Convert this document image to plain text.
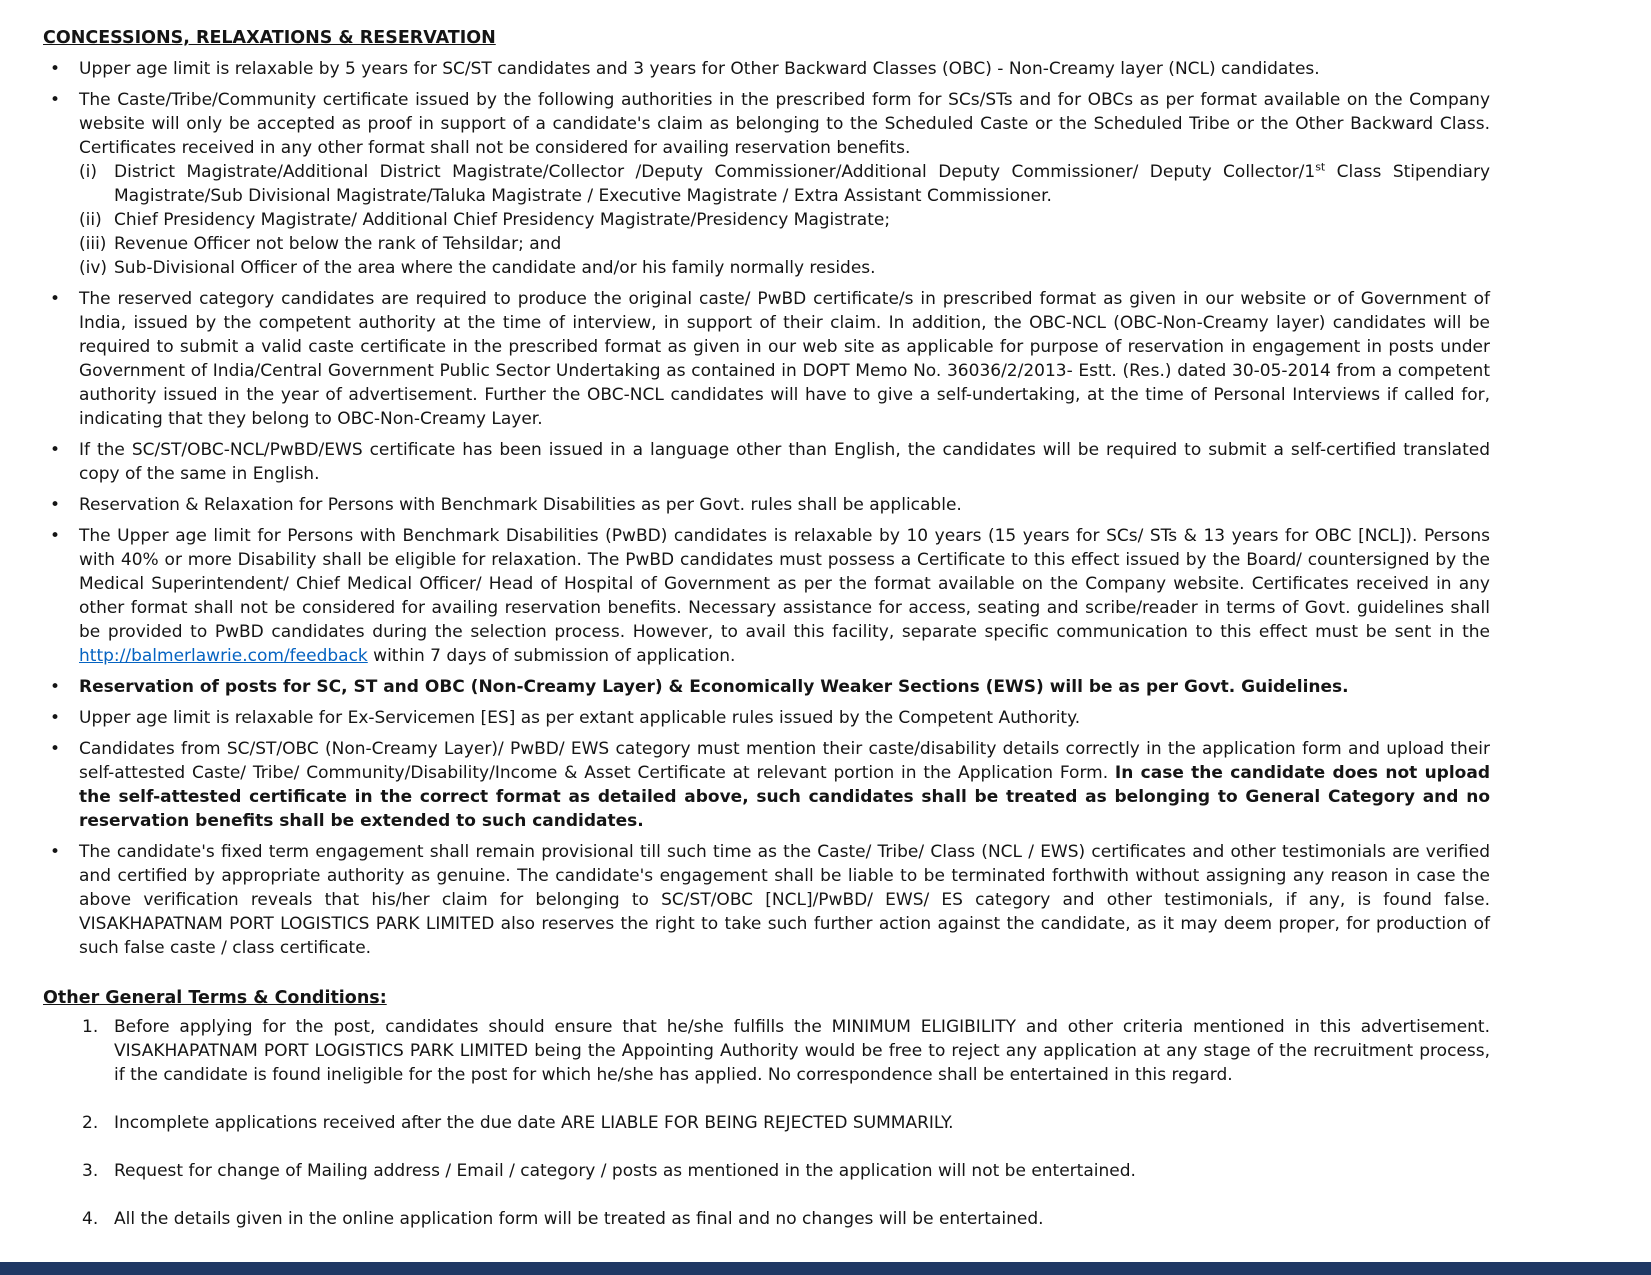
CONCESSIONS, RELAXATIONS & RESERVATION
•	Upper age limit is relaxable by 5 years for SC/ST candidates and 3 years for Other Backward Classes (OBC) - Non-Creamy layer (NCL) candidates.
•	The Caste/Tribe/Community certificate issued by the following authorities in the prescribed form for SCs/STs and for OBCs as per format available on the Company website will only be accepted as proof in support of a candidate's claim as belonging to the Scheduled Caste or the Scheduled Tribe or the Other Backward Class. Certificates received in any other format shall not be considered for availing reservation benefits.
(i)	District Magistrate/Additional District Magistrate/Collector /Deputy Commissioner/Additional Deputy Commissioner/ Deputy Collector/1st Class Stipendiary Magistrate/Sub Divisional Magistrate/Taluka Magistrate / Executive Magistrate / Extra Assistant Commissioner.
(ii) Chief Presidency Magistrate/ Additional Chief Presidency Magistrate/Presidency Magistrate;
(iii) Revenue Officer not below the rank of Tehsildar; and
(iv) Sub-Divisional Officer of the area where the candidate and/or his family normally resides.
•	The reserved category candidates are required to produce the original caste/ PwBD certificate/s in prescribed format as given in our website or of Government of India, issued by the competent authority at the time of interview, in support of their claim. In addition, the OBC-NCL (OBC-Non-Creamy layer) candidates will be required to submit a valid caste certificate in the prescribed format as given in our web site as applicable for purpose of reservation in engagement in posts under Government of India/Central Government Public Sector Undertaking as contained in DOPT Memo No. 36036/2/2013- Estt. (Res.) dated 30-05-2014 from a competent authority issued in the year of advertisement. Further the OBC-NCL candidates will have to give a self-undertaking, at the time of Personal Interviews if called for, indicating that they belong to OBC-Non-Creamy Layer.
•	If the SC/ST/OBC-NCL/PwBD/EWS certificate has been issued in a language other than English, the candidates will be required to submit a self-certified translated copy of the same in English.
•	Reservation & Relaxation for Persons with Benchmark Disabilities as per Govt. rules shall be applicable.
•	The Upper age limit for Persons with Benchmark Disabilities (PwBD) candidates is relaxable by 10 years (15 years for SCs/ STs & 13 years for OBC [NCL]). Persons with 40% or more Disability shall be eligible for relaxation. The PwBD candidates must possess a Certificate to this effect issued by the Board/ countersigned by the Medical Superintendent/ Chief Medical Officer/ Head of Hospital of Government as per the format available on the Company website. Certificates received in any other format shall not be considered for availing reservation benefits. Necessary assistance for access, seating and scribe/reader in terms of Govt. guidelines shall be provided to PwBD candidates during the selection process. However, to avail this facility, separate specific communication to this effect must be sent in the http://balmerlawrie.com/feedback within 7 days of submission of application.
•	Reservation of posts for SC, ST and OBC (Non-Creamy Layer) & Economically Weaker Sections (EWS) will be as per Govt. Guidelines.
•	Upper age limit is relaxable for Ex-Servicemen [ES] as per extant applicable rules issued by the Competent Authority.
•	Candidates from SC/ST/OBC (Non-Creamy Layer)/ PwBD/ EWS category must mention their caste/disability details correctly in the application form and upload their self-attested Caste/ Tribe/ Community/Disability/Income & Asset Certificate at relevant portion in the Application Form. In case the candidate does not upload the self-attested certificate in the correct format as detailed above, such candidates shall be treated as belonging to General Category and no reservation benefits shall be extended to such candidates.
•	The candidate's fixed term engagement shall remain provisional till such time as the Caste/ Tribe/ Class (NCL / EWS) certificates and other testimonials are verified and certified by appropriate authority as genuine. The candidate's engagement shall be liable to be terminated forthwith without assigning any reason in case the above verification reveals that his/her claim for belonging to SC/ST/OBC [NCL]/PwBD/ EWS/ ES category and other testimonials, if any, is found false. VISAKHAPATNAM PORT LOGISTICS PARK LIMITED also reserves the right to take such further action against the candidate, as it may deem proper, for production of such false caste / class certificate.
Other General Terms & Conditions:
1. Before applying for the post, candidates should ensure that he/she fulfills the MINIMUM ELIGIBILITY and other criteria mentioned in this advertisement. VISAKHAPATNAM PORT LOGISTICS PARK LIMITED being the Appointing Authority would be free to reject any application at any stage of the recruitment process, if the candidate is found ineligible for the post for which he/she has applied. No correspondence shall be entertained in this regard.
2. Incomplete applications received after the due date ARE LIABLE FOR BEING REJECTED SUMMARILY.
3. Request for change of Mailing address / Email / category / posts as mentioned in the application will not be entertained.
4. All the details given in the online application form will be treated as final and no changes will be entertained.
